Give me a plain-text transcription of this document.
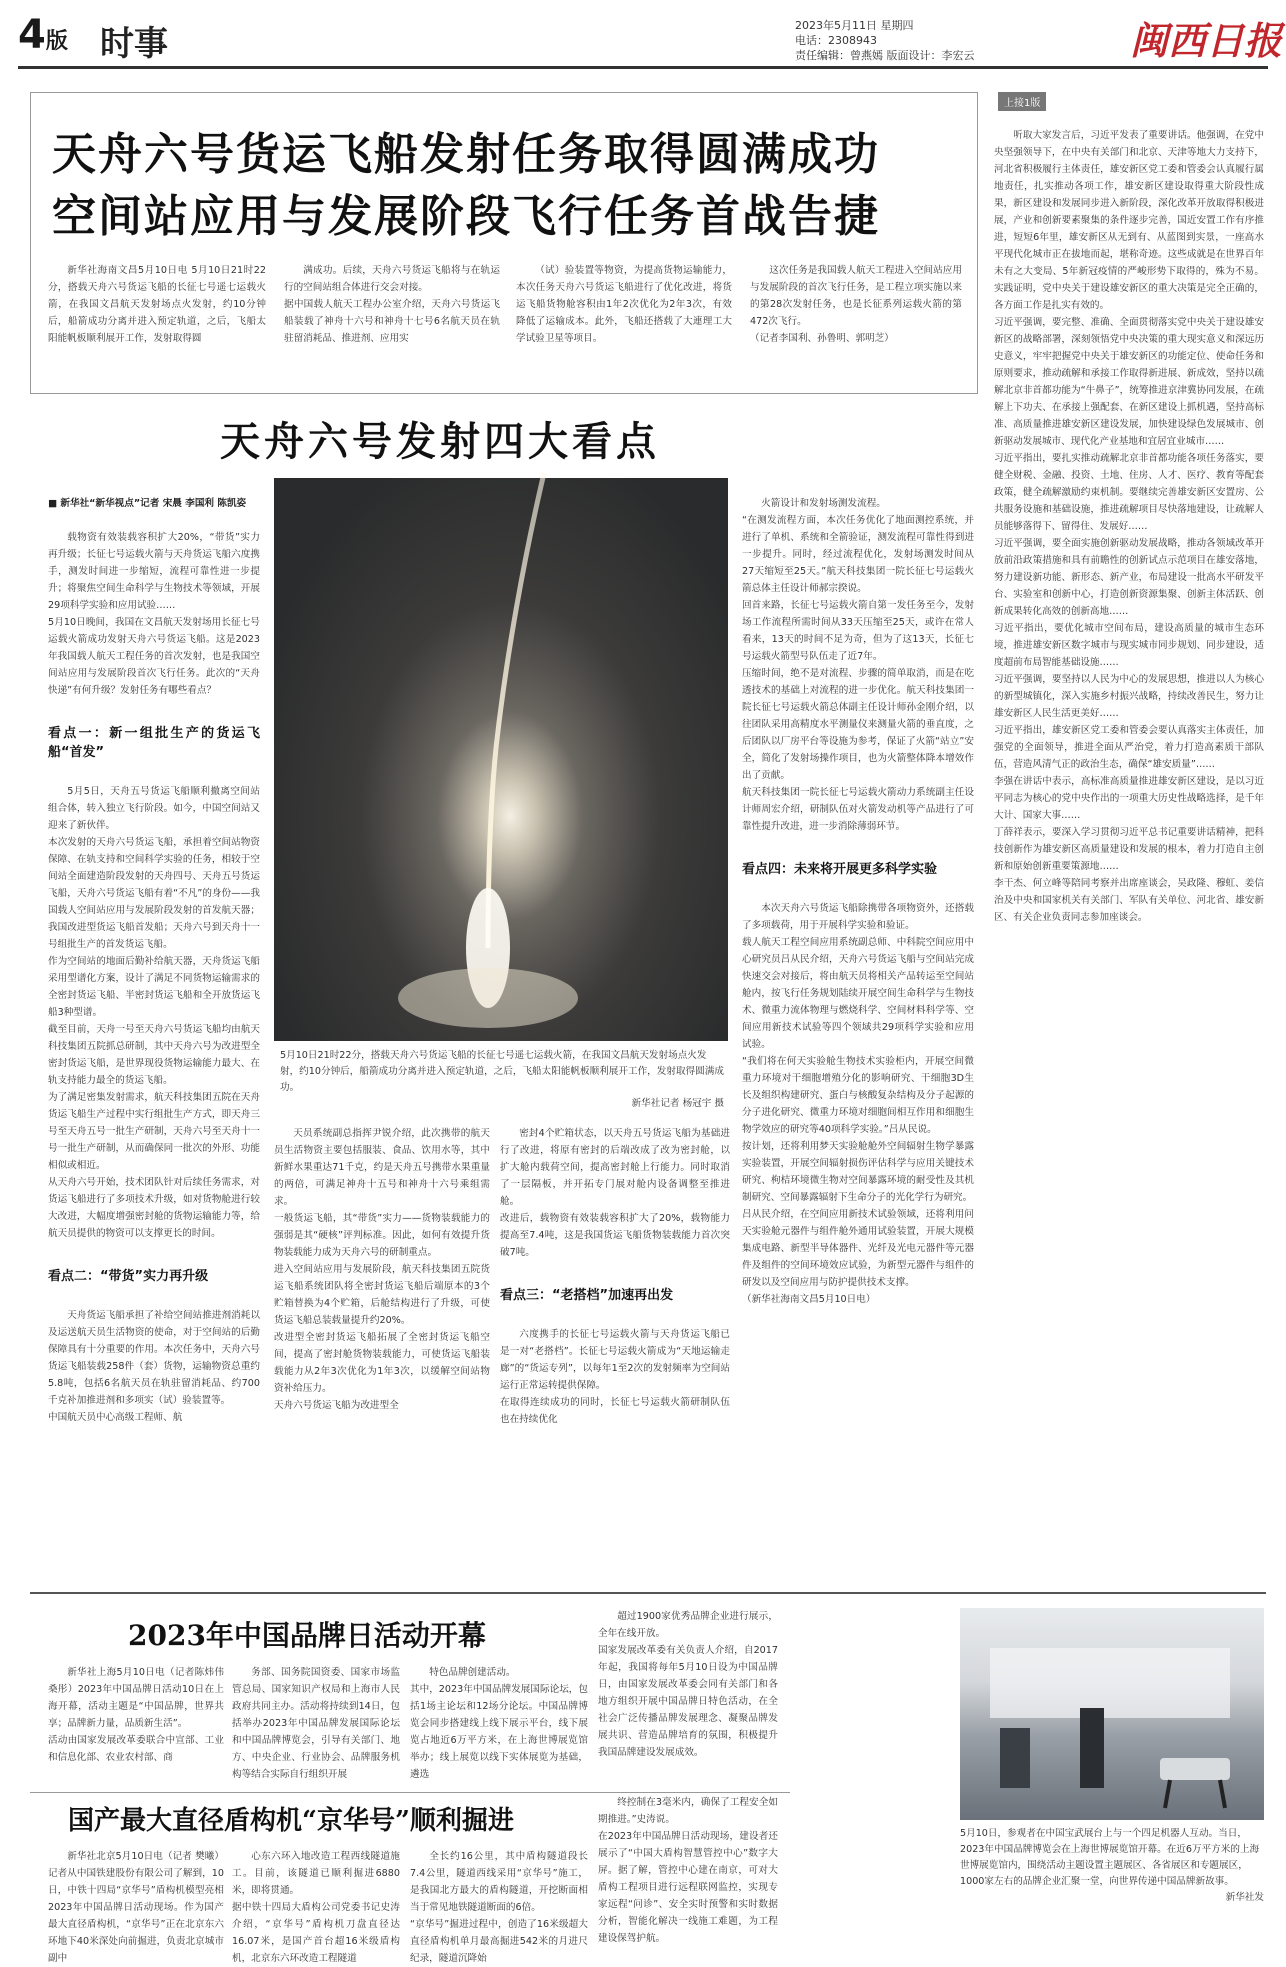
4版 时事	2023年5月11日 星期四
电话：2308943
责任编辑：曾燕嫣 版面设计：李宏云	闽西日报
天舟六号货运飞船发射任务取得圆满成功
空间站应用与发展阶段飞行任务首战告捷

新华社海南文昌5月10日电 5月10日21时22分，搭载天舟六号货运飞船的长征七号遥七运载火箭，在我国文昌航天发射场点火发射，约10分钟后，船箭成功分离并进入预定轨道，之后，飞船太阳能帆板顺利展开工作，发射取得圆

满成功。后续，天舟六号货运飞船将与在轨运行的空间站组合体进行交会对接。
据中国载人航天工程办公室介绍，天舟六号货运飞船装载了神舟十六号和神舟十七号6名航天员在轨驻留消耗品、推进剂、应用实

（试）验装置等物资，为提高货物运输能力，本次任务天舟六号货运飞船进行了优化改进，将货运飞船货物舱容积由1年2次优化为2年3次，有效降低了运输成本。此外，飞船还搭载了大連理工大学试验卫星等项目。

这次任务是我国载人航天工程进入空间站应用与发展阶段的首次飞行任务，是工程立项实施以来的第28次发射任务，也是长征系列运载火箭的第472次飞行。
（记者李国利、孙鲁明、郭明芝）

天舟六号发射四大看点

■ 新华社“新华视点”记者 宋晨 李国利 陈凯姿

载物资有效装载容积扩大20%，“带货”实力再升级；长征七号运载火箭与天舟货运飞船六度携手，测发时间进一步缩短，流程可靠性进一步提升；将聚焦空间生命科学与生物技术等领域，开展29项科学实验和应用试验……
5月10日晚间，我国在文昌航天发射场用长征七号运载火箭成功发射天舟六号货运飞船。这是2023年我国载人航天工程任务的首次发射，也是我国空间站应用与发展阶段首次飞行任务。此次的“天舟快递”有何升级？发射任务有哪些看点？

看点一：新一组批生产的货运飞船“首发”

5月5日，天舟五号货运飞船顺利撤离空间站组合体，转入独立飞行阶段。如今，中国空间站又迎来了新伙伴。
本次发射的天舟六号货运飞船，承担着空间站物资保障、在轨支持和空间科学实验的任务，相较于空间站全面建造阶段发射的天舟四号、天舟五号货运飞船，天舟六号货运飞船有着“不凡”的身份——我国载人空间站应用与发展阶段发射的首发航天器；我国改进型货运飞船首发船；天舟六号到天舟十一号组批生产的首发货运飞船。
作为空间站的地面后勤补给航天器，天舟货运飞船采用型谱化方案，设计了满足不同货物运输需求的全密封货运飞船、半密封货运飞船和全开放货运飞船3种型谱。
截至目前，天舟一号至天舟六号货运飞船均由航天科技集团五院抓总研制，其中天舟六号为改进型全密封货运飞船，是世界现役货物运输能力最大、在轨支持能力最全的货运飞船。
为了满足密集发射需求，航天科技集团五院在天舟货运飞船生产过程中实行组批生产方式，即天舟三号至天舟五号一批生产研制，天舟六号至天舟十一号一批生产研制，从而确保同一批次的外形、功能相似或相近。
从天舟六号开始，技术团队针对后续任务需求，对货运飞船进行了多项技术升级，如对货物舱进行较大改进，大幅度增强密封舱的货物运输能力等，给航天员提供的物资可以支撑更长的时间。

看点二：“带货”实力再升级

天舟货运飞船承担了补给空间站推进剂消耗以及运送航天员生活物资的使命，对于空间站的后勤保障具有十分重要的作用。本次任务中，天舟六号货运飞船装载258件（套）货物，运输物资总重约5.8吨，包括6名航天员在轨驻留消耗品、约700千克补加推进剂和多项实（试）验装置等。
中国航天员中心高级工程师、航

5月10日21时22分，搭载天舟六号货运飞船的长征七号遥七运载火箭，在我国文昌航天发射场点火发射，约10分钟后，船箭成功分离并进入预定轨道，之后，飞船太阳能帆板顺利展开工作，发射取得圆满成功。
新华社记者 杨冠宇 摄

天员系统副总指挥尹锐介绍，此次携带的航天员生活物资主要包括服装、食品、饮用水等，其中新鲜水果重达71千克，约是天舟五号携带水果重量的两倍，可满足神舟十五号和神舟十六号乘组需求。
一般货运飞船，其“带货”实力——货物装载能力的强弱是其“硬核”评判标准。因此，如何有效提升货物装载能力成为天舟六号的研制重点。
进入空间站应用与发展阶段，航天科技集团五院货运飞船系统团队将全密封货运飞船后端原本的3个贮箱替换为4个贮箱，后舱结构进行了升级，可使货运飞船总装载量提升约20%。
改进型全密封货运飞船拓展了全密封货运飞船空间，提高了密封舱货物装载能力，可使货运飞船装载能力从2年3次优化为1年3次，以缓解空间站物资补给压力。
天舟六号货运飞船为改进型全

密封4个贮箱状态，以天舟五号货运飞船为基础进行了改进，将原有密封的后端改成了改为密封舱，以扩大舱内载荷空间，提高密封舱上行能力。同时取消了一层隔板，并开拓专门展对舱内设备调整至推进舱。
改进后，载物资有效装载容积扩大了20%，载物能力提高至7.4吨，这是我国货运飞船货物装载能力首次突破7吨。

看点三：“老搭档”加速再出发

六度携手的长征七号运载火箭与天舟货运飞船已是一对“老搭档”。长征七号运载火箭成为“天地运输走廊”的“货运专列”，以每年1至2次的发射频率为空间站运行正常运转提供保障。
在取得连续成功的同时，长征七号运载火箭研制队伍也在持续优化

火箭设计和发射场测发流程。
“在测发流程方面，本次任务优化了地面测控系统，并进行了单机、系统和全箭验证，测发流程可靠性得到进一步提升。同时，经过流程优化，发射场测发时间从27天缩短至25天。”航天科技集团一院长征七号运载火箭总体主任设计师郝宗揆说。
回首来路，长征七号运载火箭自第一发任务至今，发射场工作流程所需时间从33天压缩至25天，或许在常人看来，13天的时间不足为奇，但为了这13天，长征七号运载火箭型号队伍走了近7年。
压缩时间，绝不是对流程、步骤的简单取消，而是在吃透技术的基础上对流程的进一步优化。航天科技集团一院长征七号运载火箭总体副主任设计师孙金刚介绍，以往团队采用高精度水平测量仪来测量火箭的垂直度，之后团队以厂房平台等设施为参考，保证了火箭“站立”安全，简化了发射场操作项目，也为火箭整体降本增效作出了贡献。
航天科技集团一院长征七号运载火箭动力系统副主任设计师周宏介绍，研制队伍对火箭发动机等产品进行了可靠性提升改进，进一步消除薄弱环节。

看点四：未来将开展更多科学实验

本次天舟六号货运飞船除携带各项物资外，还搭载了多项载荷，用于开展科学实验和验证。
载人航天工程空间应用系统副总师、中科院空间应用中心研究员吕从民介绍，天舟六号货运飞船与空间站完成快速交会对接后，将由航天员将相关产品转运至空间站舱内，按飞行任务规划陆续开展空间生命科学与生物技术、微重力流体物理与燃烧科学、空间材料科学等、空间应用新技术试验等四个领域共29项科学实验和应用试验。
“我们将在何天实验舱生物技术实验柜内，开展空间微重力环境对干细胞增殖分化的影响研究、干细胞3D生长及组织构建研究、蛋白与核酸复杂结构及分子起源的分子进化研究、微重力环境对细胞间相互作用和细胞生物学效应的研究等40项科学实验。”吕从民说。
按计划，还将利用梦天实验舱舱外空间辐射生物学暴露实验装置，开展空间辐射损伤评估科学与应用关键技术研究、枸桔环境微生物对空间暴露环境的耐受性及其机制研究、空间暴露辐射下生命分子的光化学行为研究。
吕从民介绍，在空间应用新技术试验领域，还将利用问天实验舱元器件与组件舱外通用试验装置，开展大规模集成电路、新型半导体器件、光纤及光电元器件等元器件及组件的空间环境效应试验，为新型元器件与组件的研发以及空间应用与防护提供技术支撑。
（新华社海南文昌5月10日电）

上接1版

听取大家发言后，习近平发表了重要讲话。他强调，在党中央坚强领导下，在中央有关部门和北京、天津等地大力支持下，河北省积极履行主体责任，雄安新区党工委和管委会认真履行属地责任，扎实推动各项工作，雄安新区建设取得重大阶段性成果，新区建设和发展同步进入新阶段，深化改革开放取得积极进展，产业和创新要素聚集的条件逐步完善，国近安置工作有序推进，短短6年里，雄安新区从无到有、从蓝图到实景，一座高水平现代化城市正在拔地而起，堪称奇迹。这些成就是在世界百年未有之大变局、5年新冠疫情的严峻形势下取得的，殊为不易。实践证明，党中央关于建设雄安新区的重大决策是完全正确的，各方面工作是扎实有效的。
习近平强调，要完整、准确、全面贯彻落实党中央关于建设雄安新区的战略部署，深刻领悟党中央决策的重大现实意义和深远历史意义，牢牢把握党中央关于雄安新区的功能定位、使命任务和原则要求，推动疏解和承接工作取得新进展、新成效，坚持以疏解北京非首都功能为“牛鼻子”，统筹推进京津冀协同发展，在疏解上下功夫、在承接上强配套、在新区建设上抓机遇，坚持高标准、高质量推进雄安新区建设发展，加快建设绿色发展城市、创新驱动发展城市、现代化产业基地和宜居宜业城市……
习近平指出，要扎实推动疏解北京非首都功能各项任务落实，要健全财税、金融、投资、土地、住房、人才、医疗、教育等配套政策，健全疏解激励约束机制。要继续完善雄安新区安置房、公共服务设施和基础设施，推进疏解项目尽快落地建设，让疏解人员能够落得下、留得住、发展好……
习近平强调，要全面实施创新驱动发展战略，推动各领域改革开放前沿政策措施和具有前瞻性的创新试点示范项目在雄安落地，努力建设新功能、新形态、新产业，布局建设一批高水平研发平台、实验室和创新中心，打造创新资源集聚、创新主体活跃、创新成果转化高效的创新高地……
习近平指出，要优化城市空间布局，建设高质量的城市生态环境，推进雄安新区数字城市与现实城市同步规划、同步建设，适度超前布局智能基础设施……
习近平强调，要坚持以人民为中心的发展思想，推进以人为核心的新型城镇化，深入实施乡村振兴战略，持续改善民生，努力让雄安新区人民生活更美好……
习近平指出，雄安新区党工委和管委会要认真落实主体责任，加强党的全面领导，推进全面从严治党，着力打造高素质干部队伍，营造风清气正的政治生态，确保“雄安质量”……
李强在讲话中表示，高标准高质量推进雄安新区建设，是以习近平同志为核心的党中央作出的一项重大历史性战略选择，是千年大计、国家大事……
丁薛祥表示，要深入学习贯彻习近平总书记重要讲话精神，把科技创新作为雄安新区高质量建设和发展的根本，着力打造自主创新和原始创新重要策源地……
李干杰、何立峰等陪同考察并出席座谈会，吴政隆、穆虹、姜信治及中央和国家机关有关部门、军队有关单位、河北省、雄安新区、有关企业负责同志参加座谈会。

2023年中国品牌日活动开幕

新华社上海5月10日电（记者陈炜伟 桑彤）2023年中国品牌日活动10日在上海开幕，活动主题是“中国品牌，世界共享；品牌新力量，品质新生活”。
活动由国家发展改革委联合中宣部、工业和信息化部、农业农村部、商

务部、国务院国资委、国家市场监管总局、国家知识产权局和上海市人民政府共同主办。活动将持续到14日，包括举办2023年中国品牌发展国际论坛和中国品牌博览会，引导有关部门、地方、中央企业、行业协会、品牌服务机构等结合实际自行组织开展

特色品牌创建活动。
其中，2023年中国品牌发展国际论坛，包括1场主论坛和12场分论坛。中国品牌博览会同步搭建线上线下展示平台，线下展览占地近6万平方米，在上海世博展览馆举办；线上展览以线下实体展览为基础，遴选

超过1900家优秀品牌企业进行展示，全年在线开放。
国家发展改革委有关负责人介绍，自2017年起，我国将每年5月10日设为中国品牌日，由国家发展改革委会同有关部门和各地方组织开展中国品牌日特色活动，在全社会广泛传播品牌发展理念、凝聚品牌发展共识、营造品牌培育的氛围，积极提升我国品牌建设发展成效。

5月10日，参观者在中国宝武展台上与一个四足机器人互动。当日，2023年中国品牌博览会在上海世博展览馆开幕。在近6万平方米的上海世博展览馆内，围绕活动主题设置主题展区、各省展区和专题展区，1000家左右的品牌企业汇聚一堂，向世界传递中国品牌新故事。
新华社发
国产最大直径盾构机“京华号”顺利掘进

新华社北京5月10日电（记者 樊曦）记者从中国铁建股份有限公司了解到，10日，中铁十四局“京华号”盾构机模型亮相2023年中国品牌日活动现场。作为国产最大直径盾构机，“京华号”正在北京东六环地下40米深处向前掘进，负责北京城市副中

心东六环入地改造工程西线隧道施工。目前，该隧道已顺利掘进6880米，即将贯通。
据中铁十四局大盾构公司党委书记史涛介绍，“京华号”盾构机刀盘直径达16.07米，是国产首台超16米级盾构机，北京东六环改造工程隧道

全长约16公里，其中盾构隧道段长7.4公里，隧道西线采用“京华号”施工，是我国北方最大的盾构隧道，开挖断面相当于常见地铁隧道断面的6倍。
“京华号”掘进过程中，创造了16米级超大直径盾构机单月最高掘进542米的月进尺纪录，隧道沉降始

终控制在3毫米内，确保了工程安全如期推进。”史涛说。
在2023年中国品牌日活动现场，建设者还展示了“中国大盾构智慧管控中心”数字大屏。据了解，管控中心建在南京，可对大盾构工程项目进行远程联网监控，实现专家远程“问诊”、安全实时预警和实时数据分析，智能化解决一线施工难题，为工程建设保驾护航。
